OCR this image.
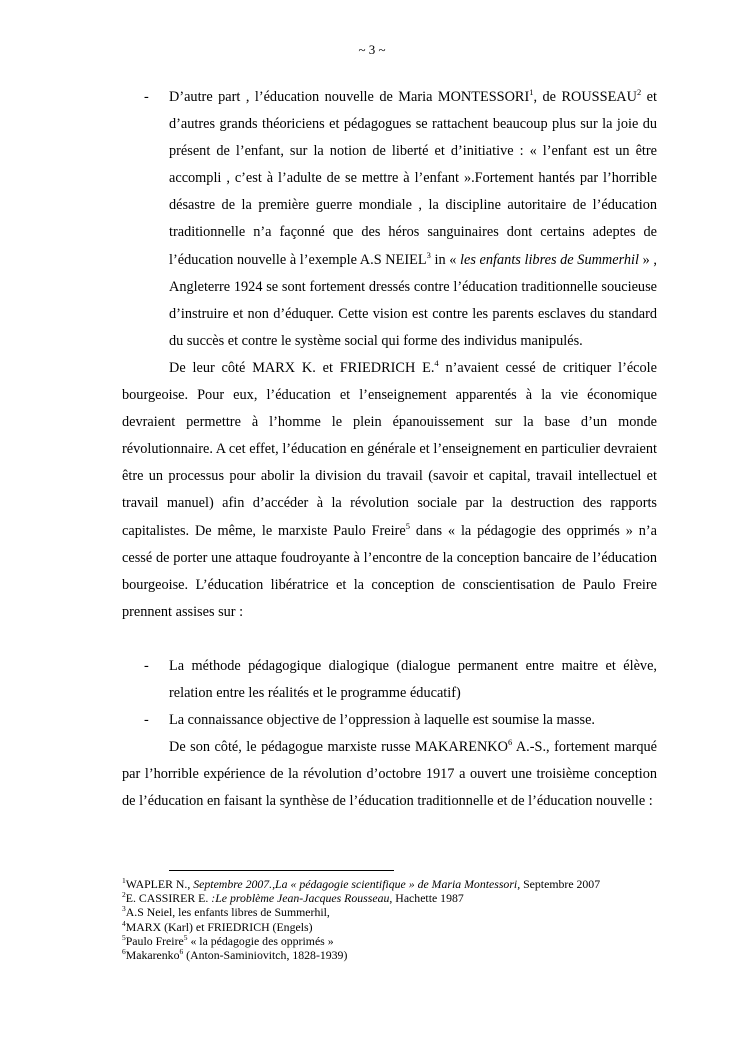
~ 3 ~
- D’autre part , l’éducation nouvelle de Maria MONTESSORI$^1$, de ROUSSEAU$^2$ et d’autres grands théoriciens et pédagogues se rattachent beaucoup plus sur la joie du présent de l’enfant, sur la notion de liberté et d’initiative : « l’enfant est un être accompli , c’est à l’adulte de se mettre à l’enfant ».Fortement hantés par l’horrible désastre de la première guerre mondiale , la discipline autoritaire de l’éducation traditionnelle n’a façonné que des héros sanguinaires dont certains adeptes de l’éducation nouvelle à l’exemple A.S NEIEL$^3$ in « les enfants libres de Summerhil » , Angleterre 1924 se sont fortement dressés contre l’éducation traditionnelle soucieuse d’instruire et non d’éduquer. Cette vision est contre les parents esclaves du standard du succès et contre le système social qui forme des individus manipulés.
De leur côté MARX K. et FRIEDRICH E.$^4$ n’avaient cessé de critiquer l’école bourgeoise. Pour eux, l’éducation et l’enseignement apparentés à la vie économique devraient permettre à l’homme le plein épanouissement sur la base d’un monde révolutionnaire. A cet effet, l’éducation en générale et l’enseignement en particulier devraient être un processus pour abolir la division du travail (savoir et capital, travail intellectuel et travail manuel) afin d’accéder à la révolution sociale par la destruction des rapports capitalistes. De même, le marxiste Paulo Freire$^5$ dans « la pédagogie des opprimés » n’a cessé de porter une attaque foudroyante à l’encontre de la conception bancaire de l’éducation bourgeoise. L’éducation libératrice et la conception de conscientisation de Paulo Freire prennent assises sur :
- La méthode pédagogique dialogique (dialogue permanent entre maitre et élève, relation entre les réalités et le programme éducatif)
- La connaissance objective de l’oppression à laquelle est soumise la masse.
De son côté, le pédagogue marxiste russe MAKARENKO$^6$ A.-S., fortement marqué par l’horrible expérience de la révolution d’octobre 1917 a ouvert une troisième conception de l’éducation en faisant la synthèse de l’éducation traditionnelle et de l’éducation nouvelle :
$^1$WAPLER N., Septembre 2007.,La « pédagogie scientifique » de Maria Montessori, Septembre 2007
$^2$E. CASSIRER E. :Le problème Jean-Jacques Rousseau, Hachette 1987
$^3$A.S Neiel, les enfants libres de Summerhil,
$^4$MARX (Karl) et FRIEDRICH (Engels)
$^5$Paulo Freire$^5$ « la pédagogie des opprimés »
$^6$Makarenko$^6$ (Anton-Saminiovitch, 1828-1939)
